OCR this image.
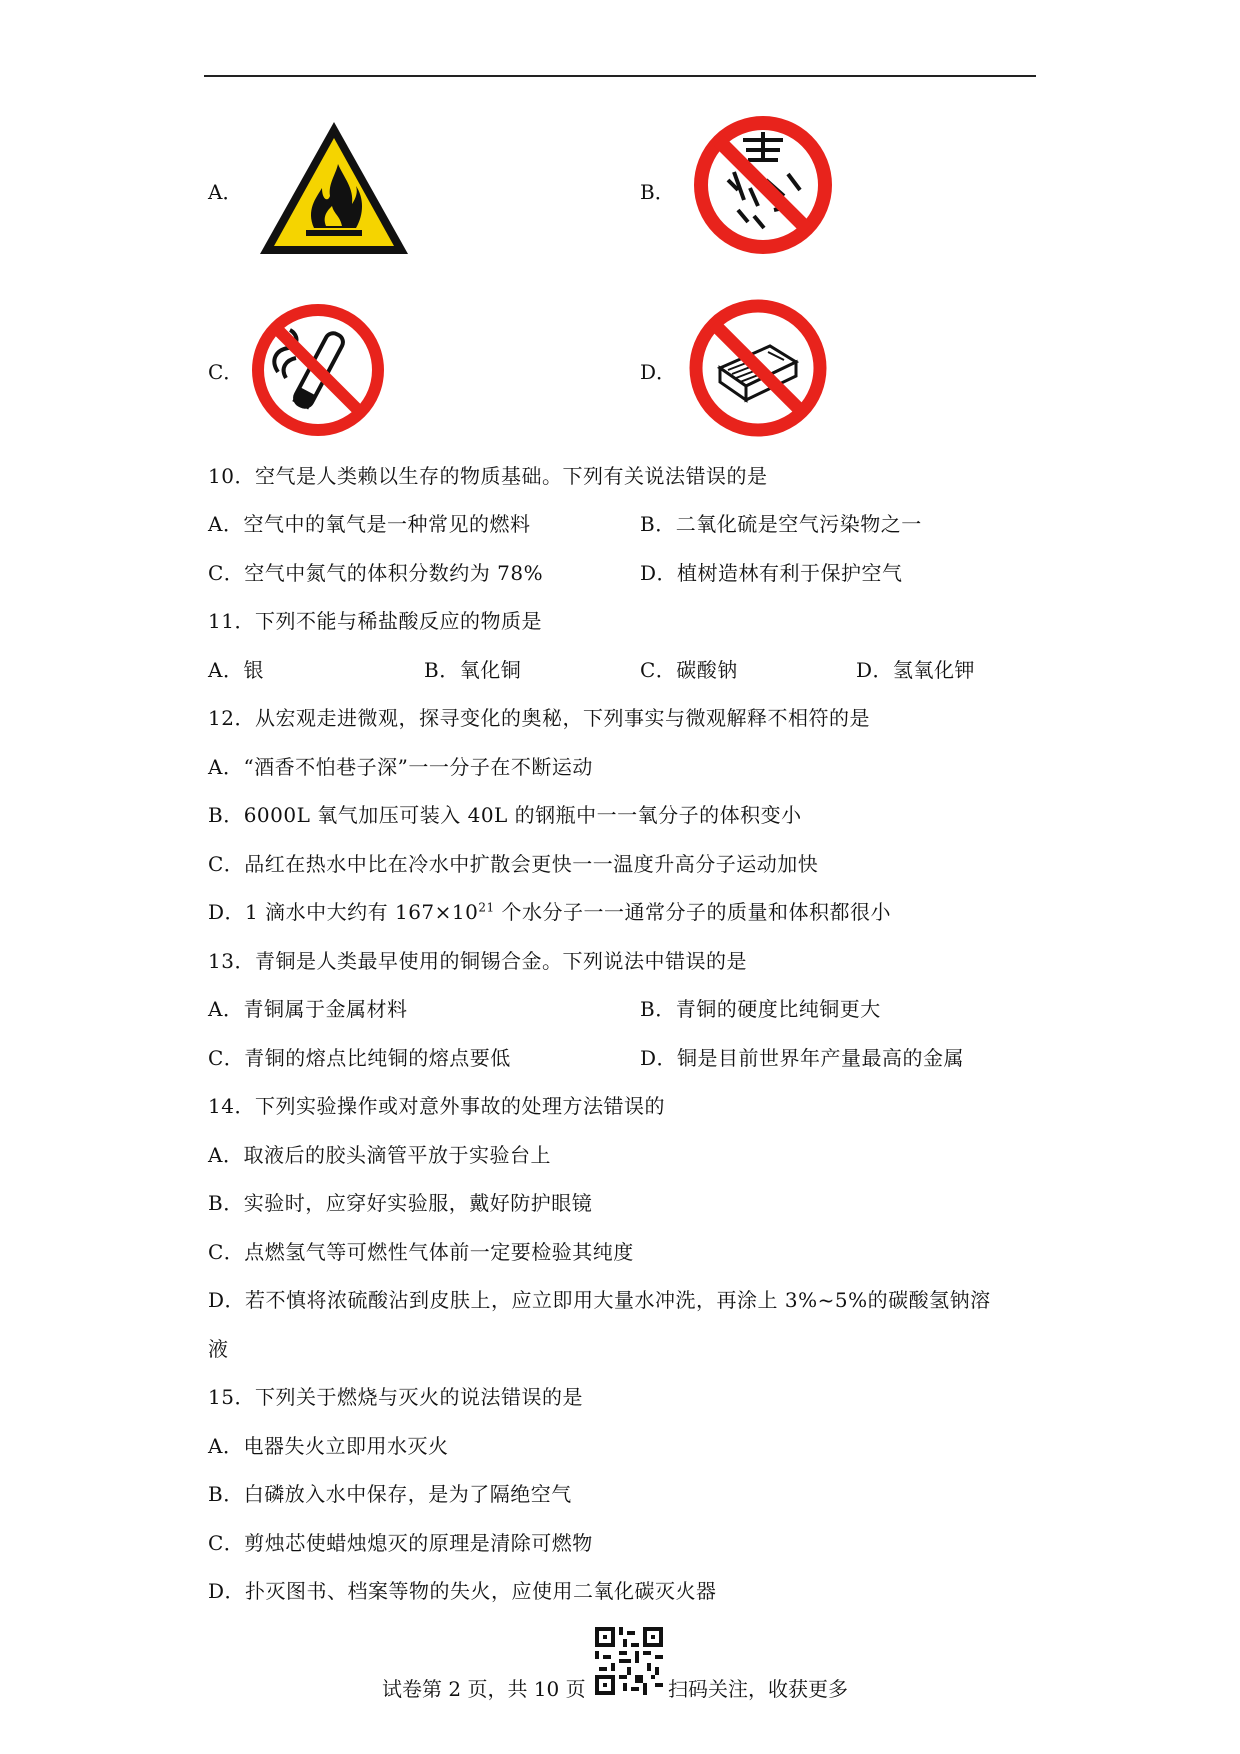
A．	B．
C．	D．
10．空气是人类赖以生存的物质基础。下列有关说法错误的是
A．空气中的氧气是一种常见的燃料	B．二氧化硫是空气污染物之一
C．空气中氮气的体积分数约为 78%	D．植树造林有利于保护空气
11．下列不能与稀盐酸反应的物质是
A．银	B．氧化铜	C．碳酸钠	D．氢氧化钾
12．从宏观走进微观，探寻变化的奥秘，下列事实与微观解释不相符的是
A．“酒香不怕巷子深”一一分子在不断运动
B．6000L 氧气加压可装入 40L 的钢瓶中一一氧分子的体积变小
C．品红在热水中比在冷水中扩散会更快一一温度升高分子运动加快
D．1 滴水中大约有 $167\times 10^{21}$ 个水分子一一通常分子的质量和体积都很小
13．青铜是人类最早使用的铜锡合金。下列说法中错误的是
A．青铜属于金属材料	B．青铜的硬度比纯铜更大
C．青铜的熔点比纯铜的熔点要低	D．铜是目前世界年产量最高的金属
14．下列实验操作或对意外事故的处理方法错误的
A．取液后的胶头滴管平放于实验台上
B．实验时，应穿好实验服，戴好防护眼镜
C．点燃氢气等可燃性气体前一定要检验其纯度
D．若不慎将浓硫酸沾到皮肤上，应立即用大量水冲洗，再涂上 3%~5%的碳酸氢钠溶
液
15．下列关于燃烧与灭火的说法错误的是
A．电器失火立即用水灭火
B．白磷放入水中保存，是为了隔绝空气
C．剪烛芯使蜡烛熄灭的原理是清除可燃物
D．扑灭图书、档案等物的失火，应使用二氧化碳灭火器
试卷第 2 页，共 10 页	扫码关注，收获更多
